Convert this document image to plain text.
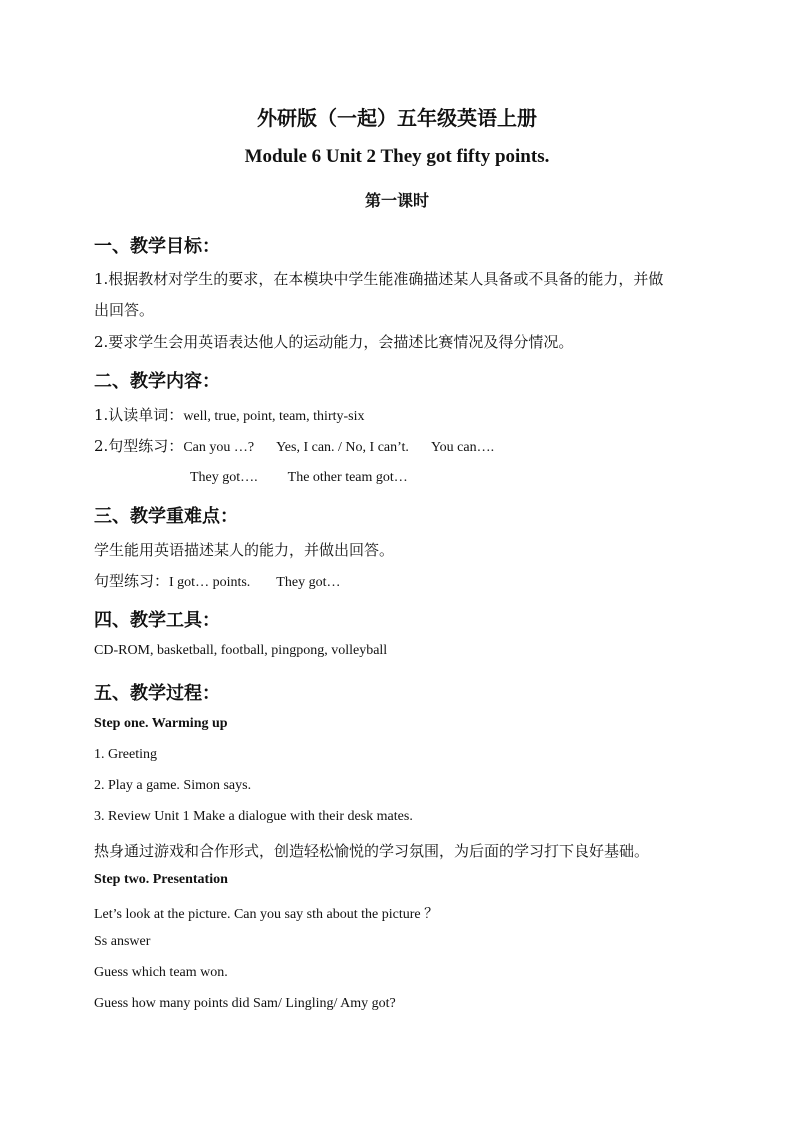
外研版（一起）五年级英语上册
Module 6 Unit 2 They got fifty points.
第一课时
一、教学目标：
1.根据教材对学生的要求，在本模块中学生能准确描述某人具备或不具备的能力，并做
出回答。
2.要求学生会用英语表达他人的运动能力，会描述比赛情况及得分情况。
二、教学内容：
1.认读单词：well, true, point, team, thirty-six
2.句型练习：Can you …? Yes, I can. / No, I can’t. You can….
They got…. The other team got…
三、教学重难点：
学生能用英语描述某人的能力，并做出回答。
句型练习：I got… points. They got…
四、教学工具：
CD-ROM, basketball, football, pingpong, volleyball
五、教学过程：
Step one. Warming up
1. Greeting
2. Play a game. Simon says.
3. Review Unit 1 Make a dialogue with their desk mates.
热身通过游戏和合作形式，创造轻松愉悦的学习氛围，为后面的学习打下良好基础。
Step two. Presentation
Let’s look at the picture. Can you say sth about the picture ？
Ss answer
Guess which team won.
Guess how many points did Sam/ Lingling/ Amy got?
